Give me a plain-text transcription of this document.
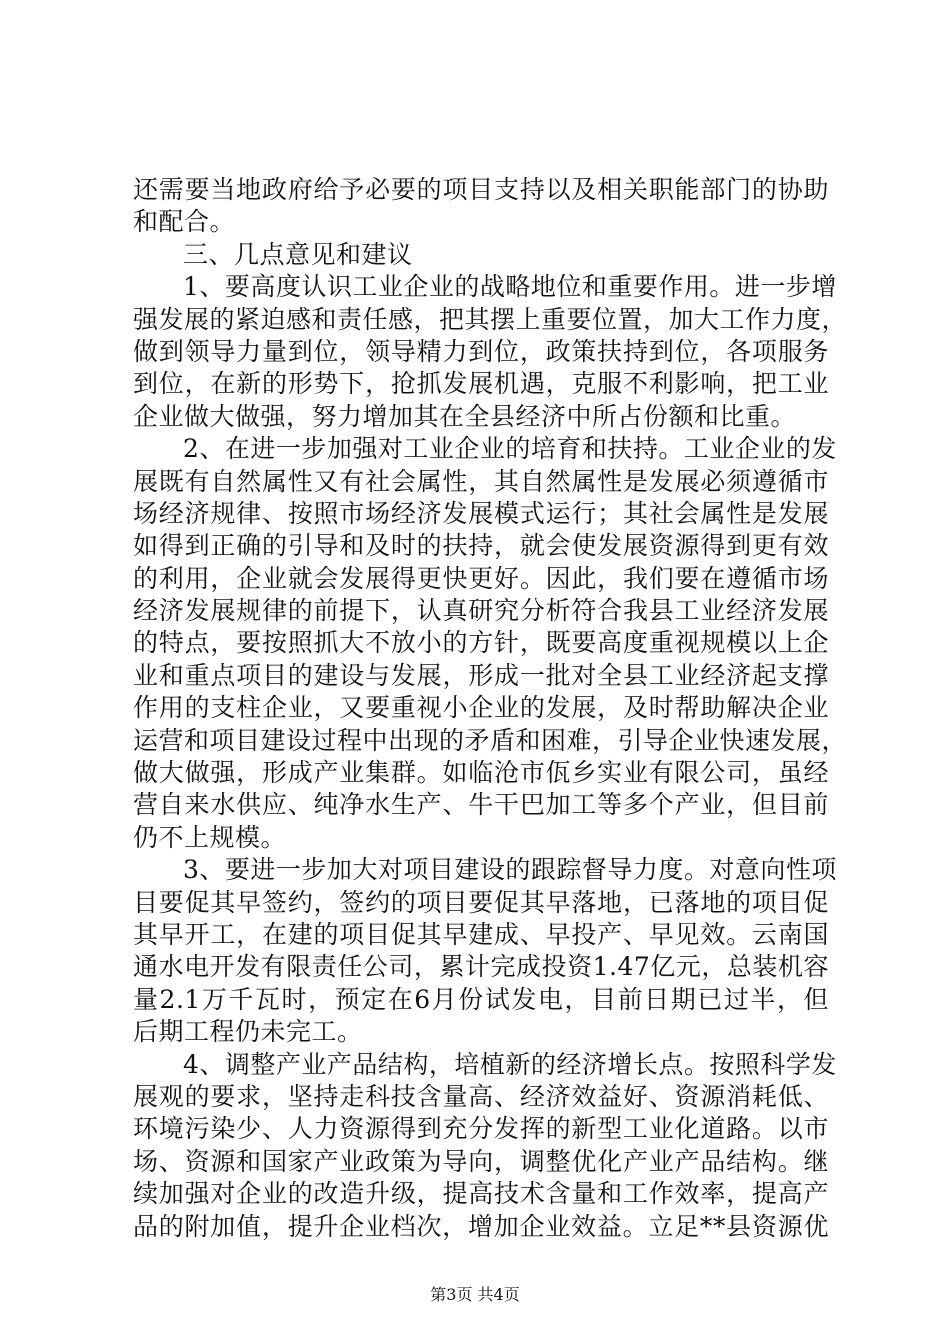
还需要当地政府给予必要的项目支持以及相关职能部门的协助
和配合。
三、几点意见和建议
1、要高度认识工业企业的战略地位和重要作用。进一步增
强发展的紧迫感和责任感，把其摆上重要位置，加大工作力度，
做到领导力量到位，领导精力到位，政策扶持到位，各项服务
到位，在新的形势下，抢抓发展机遇，克服不利影响，把工业
企业做大做强，努力增加其在全县经济中所占份额和比重。
2、在进一步加强对工业企业的培育和扶持。工业企业的发
展既有自然属性又有社会属性，其自然属性是发展必须遵循市
场经济规律、按照市场经济发展模式运行；其社会属性是发展
如得到正确的引导和及时的扶持，就会使发展资源得到更有效
的利用，企业就会发展得更快更好。因此，我们要在遵循市场
经济发展规律的前提下，认真研究分析符合我县工业经济发展
的特点，要按照抓大不放小的方针，既要高度重视规模以上企
业和重点项目的建设与发展，形成一批对全县工业经济起支撑
作用的支柱企业，又要重视小企业的发展，及时帮助解决企业
运营和项目建设过程中出现的矛盾和困难，引导企业快速发展，
做大做强，形成产业集群。如临沧市佤乡实业有限公司，虽经
营自来水供应、纯净水生产、牛干巴加工等多个产业，但目前
仍不上规模。
3、要进一步加大对项目建设的跟踪督导力度。对意向性项
目要促其早签约，签约的项目要促其早落地，已落地的项目促
其早开工，在建的项目促其早建成、早投产、早见效。云南国
通水电开发有限责任公司，累计完成投资1.47亿元，总装机容
量2.1万千瓦时，预定在6月份试发电，目前日期已过半，但
后期工程仍未完工。
4、调整产业产品结构，培植新的经济增长点。按照科学发
展观的要求，坚持走科技含量高、经济效益好、资源消耗低、
环境污染少、人力资源得到充分发挥的新型工业化道路。以市
场、资源和国家产业政策为导向，调整优化产业产品结构。继
续加强对企业的改造升级，提高技术含量和工作效率，提高产
品的附加值，提升企业档次，增加企业效益。立足**县资源优
第3页 共4页
